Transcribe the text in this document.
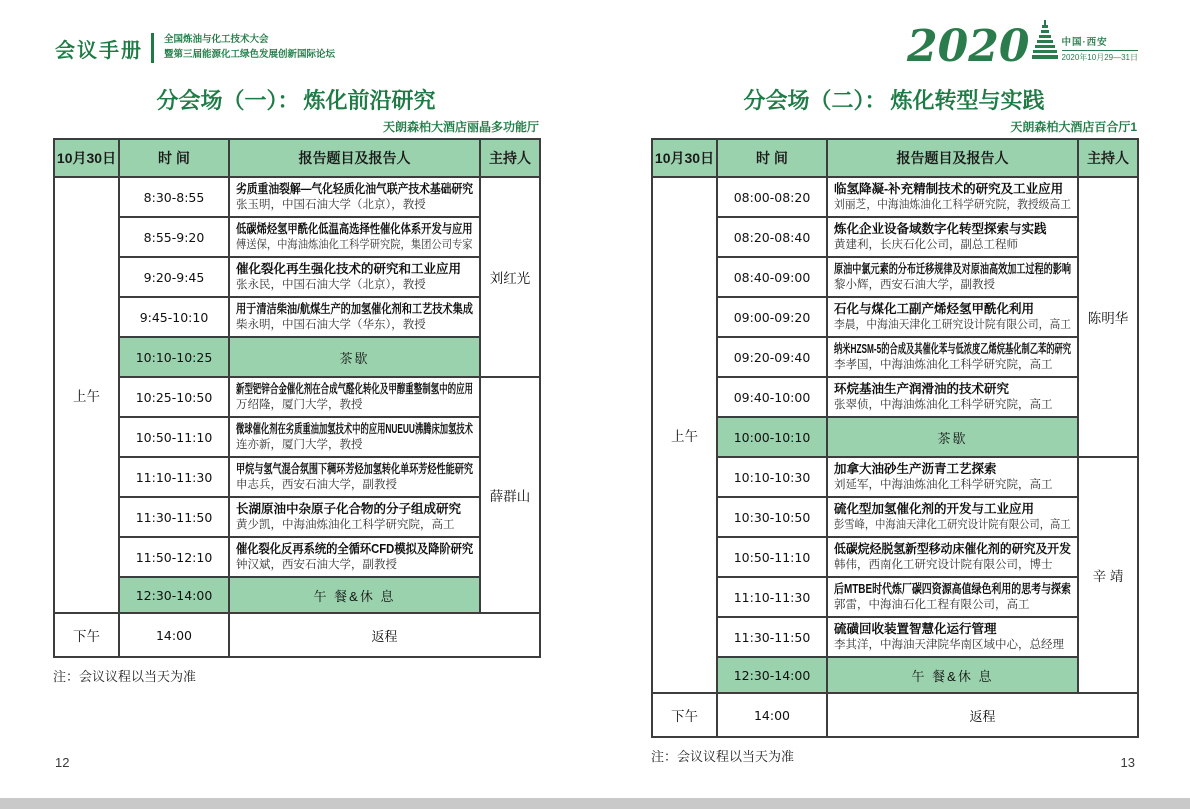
会议手册 全国炼油与化工技术大会
暨第三届能源化工绿色发展创新国际论坛	2020	中国·西安
2020年10月29—31日
分会场（一）： 炼化前沿研究
天朗森柏大酒店丽晶多功能厅
10月30日	时 间	报告题目及报告人	主持人
上午	8:30-8:55	劣质重油裂解—气化轻质化油气联产技术基础研究
张玉明，中国石油大学（北京），教授	刘红光
	8:55-9:20	低碳烯烃氢甲酰化低温高选择性催化体系开发与应用
傅送保，中海油炼油化工科学研究院，集团公司专家	

	9:20-9:45	催化裂化再生强化技术的研究和工业应用
张永民，中国石油大学（北京），教授	

	9:45-10:10	用于清洁柴油/航煤生产的加氢催化剂和工艺技术集成
柴永明，中国石油大学（华东），教授	

	10:10-10:25	茶歇	
	10:25-10:50	新型钯锌合金催化剂在合成气醛化转化及甲醇重整制氢中的应用
万绍隆，厦门大学，教授	薛群山
	10:50-11:10	微球催化剂在劣质重油加氢技术中的应用NUEUU沸腾床加氢技术
连亦新，厦门大学，教授	

	11:10-11:30	甲烷与氢气混合氛围下稠环芳烃加氢转化单环芳烃性能研究
申志兵，西安石油大学，副教授	

	11:30-11:50	长湖原油中杂原子化合物的分子组成研究
黄少凯，中海油炼油化工科学研究院，高工	

	11:50-12:10	催化裂化反再系统的全循环CFD模拟及降阶研究
钟汉斌，西安石油大学，副教授	

	12:30-14:00	午 餐&休 息	
下午	14:00	返程	
注：会议议程以当天为准
分会场（二）： 炼化转型与实践
天朗森柏大酒店百合厅1
10月30日	时 间	报告题目及报告人	主持人
上午	08:00-08:20	临氢降凝-补充精制技术的研究及工业应用
刘丽芝，中海油炼油化工科学研究院，教授级高工	陈明华
	08:20-08:40	炼化企业设备域数字化转型探索与实践
黄建利，长庆石化公司，副总工程师	

	08:40-09:00	原油中氯元素的分布迁移规律及对原油高效加工过程的影响
黎小辉，西安石油大学，副教授	

	09:00-09:20	石化与煤化工副产烯烃氢甲酰化利用
李晨，中海油天津化工研究设计院有限公司，高工	

	09:20-09:40	纳米HZSM-5的合成及其催化苯与低浓度乙烯烷基化制乙苯的研究
李孝国，中海油炼油化工科学研究院，高工	

	09:40-10:00	环烷基油生产润滑油的技术研究
张翠侦，中海油炼油化工科学研究院，高工	

	10:00-10:10	茶歇	
	10:10-10:30	加拿大油砂生产沥青工艺探索
刘延军，中海油炼油化工科学研究院，高工	辛 靖
	10:30-10:50	硫化型加氢催化剂的开发与工业应用
彭雪峰，中海油天津化工研究设计院有限公司，高工	

	10:50-11:10	低碳烷烃脱氢新型移动床催化剂的研究及开发
韩伟，西南化工研究设计院有限公司，博士	

	11:10-11:30	后MTBE时代炼厂碳四资源高值绿色利用的思考与探索
郭雷，中海油石化工程有限公司，高工	

	11:30-11:50	硫磺回收装置智慧化运行管理
李其洋，中海油天津院华南区域中心，总经理	

	12:30-14:00	午 餐&休 息	
下午	14:00	返程	
注：会议议程以当天为准
12	13
